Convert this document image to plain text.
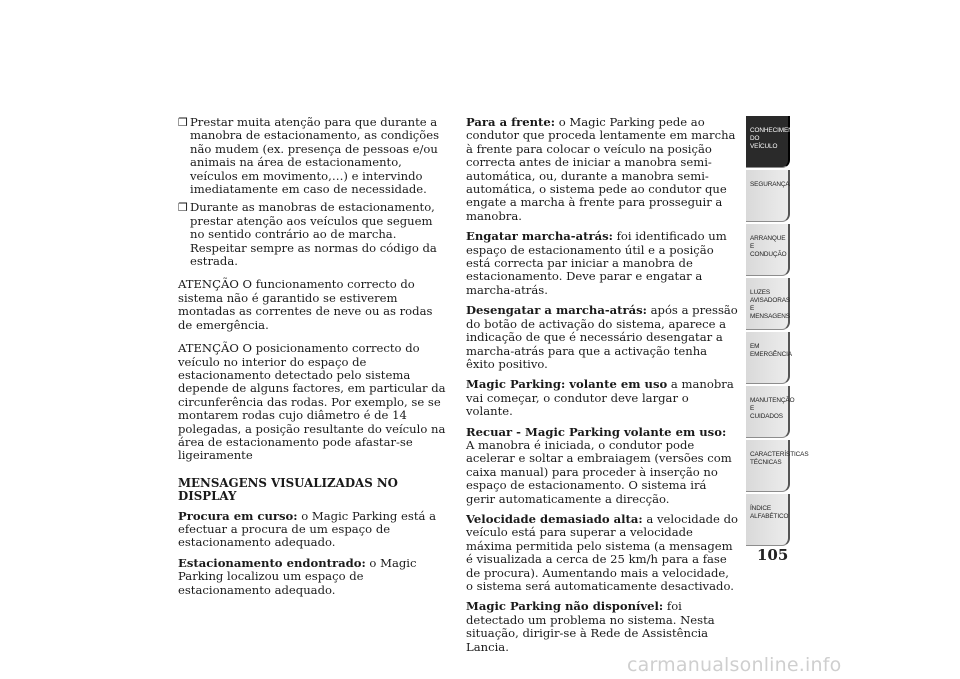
❒ Prestar muita atenção para que durante a manobra de estacionamento, as condições não mudem (ex. presença de pessoas e/ou animais na área de estacionamento, veículos em movimento,…) e intervindo imediatamente em caso de necessidade.
❒ Durante as manobras de estacionamento, prestar atenção aos veículos que seguem no sentido contrário ao de marcha. Respeitar sempre as normas do código da estrada.

ATENÇÃO O funcionamento correcto do sistema não é garantido se estiverem montadas as correntes de neve ou as rodas de emergência.

ATENÇÃO O posicionamento correcto do veículo no interior do espaço de estacionamento detectado pelo sistema depende de alguns factores, em particular da circunferência das rodas. Por exemplo, se se montarem rodas cujo diâmetro é de 14 polegadas, a posição resultante do veículo na área de estacionamento pode afastar-se ligeiramente

MENSAGENS VISUALIZADAS NO DISPLAY

Procura em curso: o Magic Parking está a efectuar a procura de um espaço de estacionamento adequado.

Estacionamento endontrado: o Magic Parking localizou um espaço de estacionamento adequado.

Para a frente: o Magic Parking pede ao condutor que proceda lentamente em marcha à frente para colocar o veículo na posição correcta antes de iniciar a manobra semi-automática, ou, durante a manobra semi-automática, o sistema pede ao condutor que engate a marcha à frente para prosseguir a manobra.

Engatar marcha-atrás: foi identificado um espaço de estacionamento útil e a posição está correcta par iniciar a manobra de estacionamento. Deve parar e engatar a marcha-atrás.

Desengatar a marcha-atrás: após a pressão do botão de activação do sistema, aparece a indicação de que é necessário desengatar a marcha-atrás para que a activação tenha êxito positivo.

Magic Parking: volante em uso a manobra vai começar, o condutor deve largar o volante.

Recuar - Magic Parking volante em uso: A manobra é iniciada, o condutor pode acelerar e soltar a embraiagem (versões com caixa manual) para proceder à inserção no espaço de estacionamento. O sistema irá gerir automaticamente a direcção.

Velocidade demasiado alta: a velocidade do veículo está para superar a velocidade máxima permitida pelo sistema (a mensagem é visualizada a cerca de 25 km/h para a fase de procura). Aumentando mais a velocidade, o sistema será automaticamente desactivado.

Magic Parking não disponível: foi detectado um problema no sistema. Nesta situação, dirigir-se à Rede de Assistência Lancia.

CONHECIMENTO
DO VEÍCULO
SEGURANÇA
ARRANQUE E
CONDUÇÃO
LUZES
AVISADORAS E
MENSAGENS
EM EMERGÊNCIA
MANUTENÇÃO E
CUIDADOS
CARACTERÍSTICAS
TÉCNICAS
ÍNDICE
ALFABÉTICO
105
carmanualsonline.info
